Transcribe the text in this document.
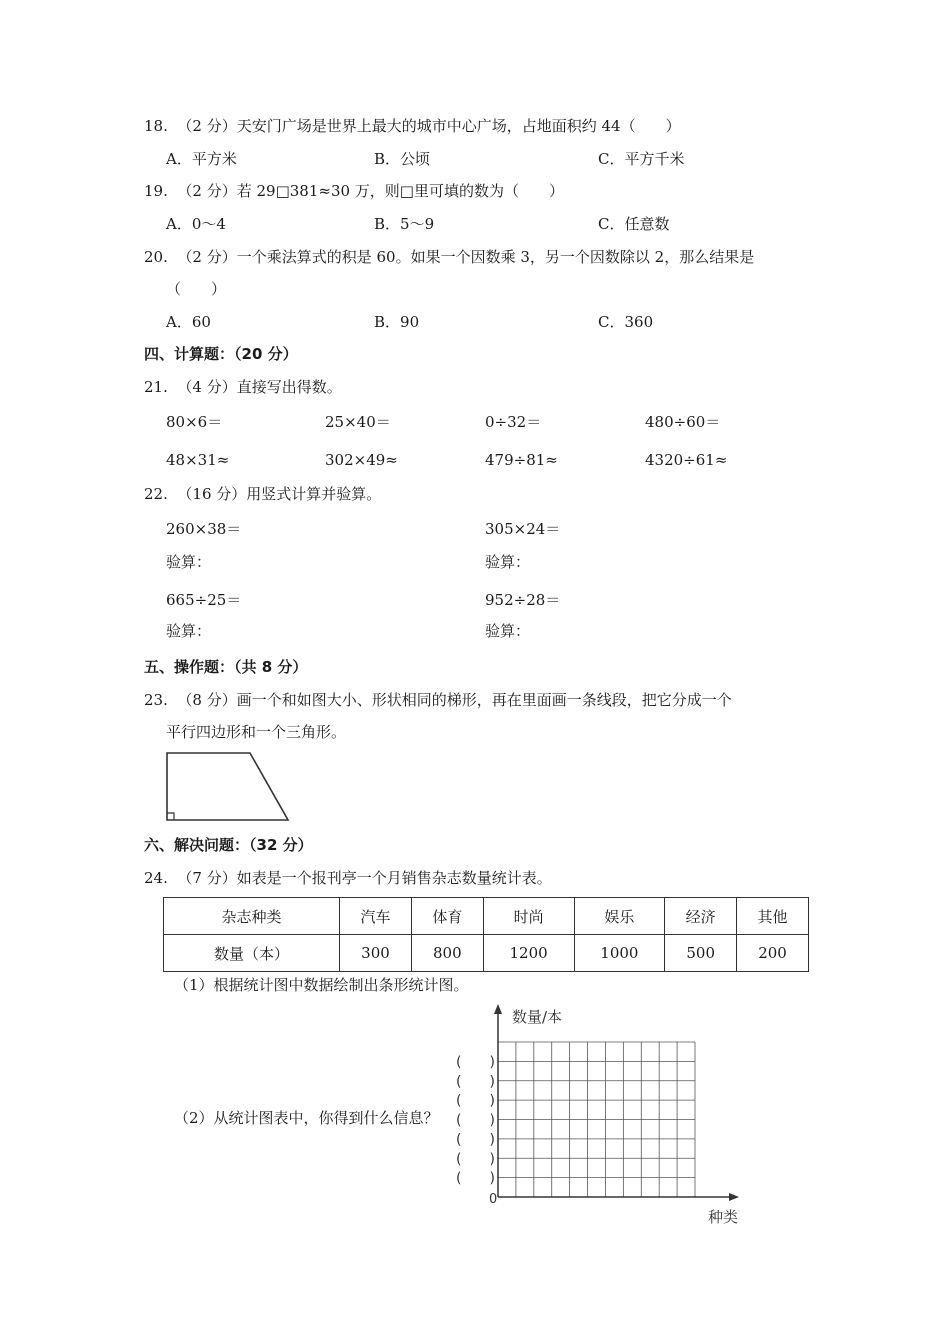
18. （2 分）天安门广场是世界上最大的城市中心广场，占地面积约 44（　　）
A．平方米	B．公顷	C．平方千米
19. （2 分）若 29□381≈30 万，则□里可填的数为（　　）
A．0～4	B．5～9	C．任意数
20. （2 分）一个乘法算式的积是 60。如果一个因数乘 3，另一个因数除以 2，那么结果是
（　　）
A．60	B．90	C．360
四、计算题：（20 分）
21. （4 分）直接写出得数。
80×6＝	25×40＝	0÷32＝	480÷60＝
48×31≈	302×49≈	479÷81≈	4320÷61≈
22. （16 分）用竖式计算并验算。
260×38＝	305×24＝
验算：	验算：
665÷25＝	952÷28＝
验算：	验算：
五、操作题：（共 8 分）
23. （8 分）画一个和如图大小、形状相同的梯形，再在里面画一条线段，把它分成一个
平行四边形和一个三角形。
六、解决问题：（32 分）
24. （7 分）如表是一个报刊亭一个月销售杂志数量统计表。
杂志种类	汽车	体育	时尚	娱乐	经济	其他
数量（本）	300	800	1200	1000	500	200
（1）根据统计图中数据绘制出条形统计图。
（2）从统计图表中，你得到什么信息？
数量/本
种类
0
(　　)
(　　)
(　　)
(　　)
(　　)
(　　)
(　　)
